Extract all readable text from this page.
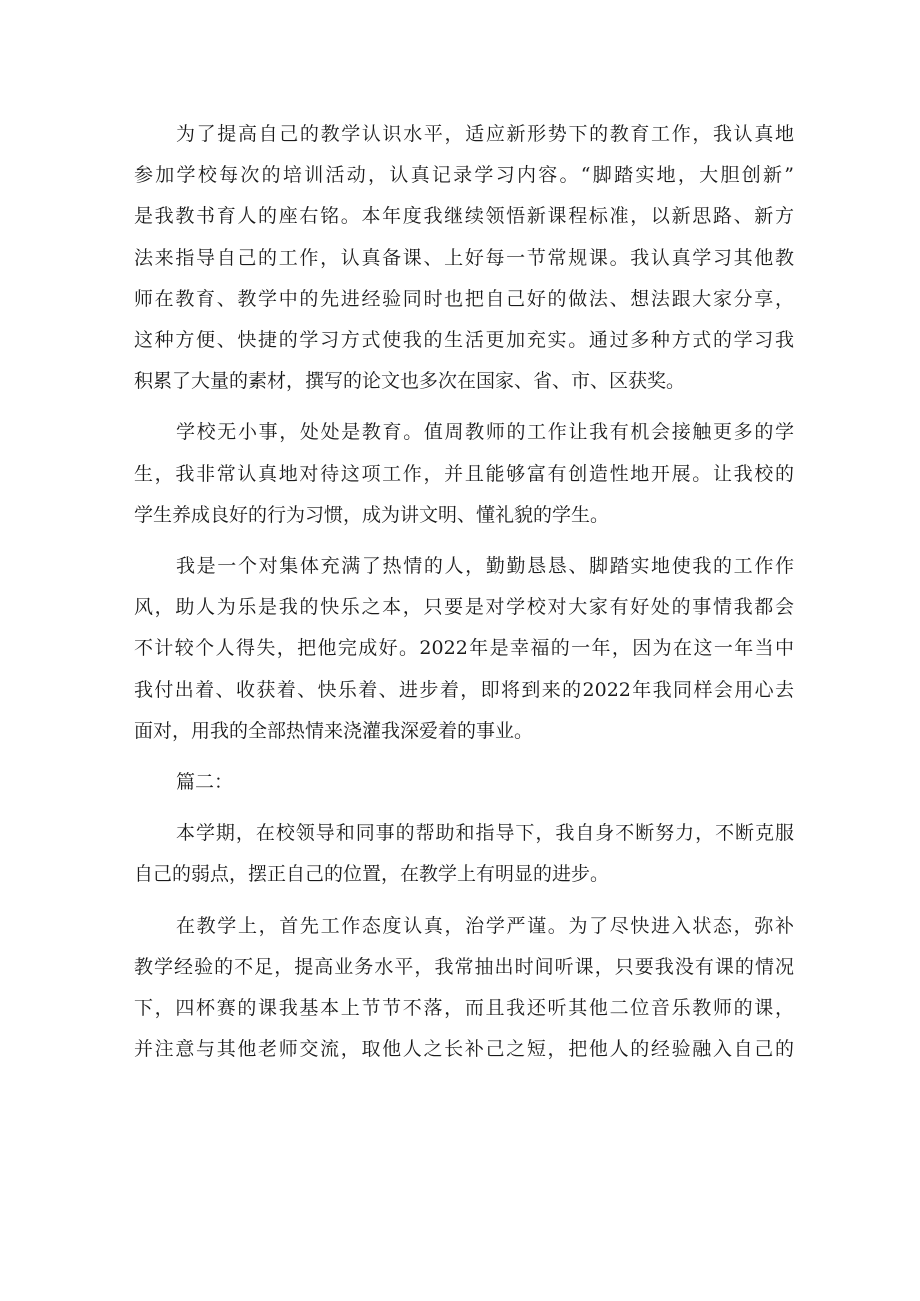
为了提高自己的教学认识水平，适应新形势下的教育工作，我认真地
参加学校每次的培训活动，认真记录学习内容。“脚踏实地，大胆创新”
是我教书育人的座右铭。本年度我继续领悟新课程标准，以新思路、新方
法来指导自己的工作，认真备课、上好每一节常规课。我认真学习其他教
师在教育、教学中的先进经验同时也把自己好的做法、想法跟大家分享，
这种方便、快捷的学习方式使我的生活更加充实。通过多种方式的学习我
积累了大量的素材，撰写的论文也多次在国家、省、市、区获奖。
学校无小事，处处是教育。值周教师的工作让我有机会接触更多的学
生，我非常认真地对待这项工作，并且能够富有创造性地开展。让我校的
学生养成良好的行为习惯，成为讲文明、懂礼貌的学生。
我是一个对集体充满了热情的人，勤勤恳恳、脚踏实地使我的工作作
风，助人为乐是我的快乐之本，只要是对学校对大家有好处的事情我都会
不计较个人得失，把他完成好。2022年是幸福的一年，因为在这一年当中
我付出着、收获着、快乐着、进步着，即将到来的2022年我同样会用心去
面对，用我的全部热情来浇灌我深爱着的事业。
篇二：
本学期，在校领导和同事的帮助和指导下，我自身不断努力，不断克服
自己的弱点，摆正自己的位置，在教学上有明显的进步。
在教学上，首先工作态度认真，治学严谨。为了尽快进入状态，弥补
教学经验的不足，提高业务水平，我常抽出时间听课，只要我没有课的情况
下，四杯赛的课我基本上节节不落，而且我还听其他二位音乐教师的课，
并注意与其他老师交流，取他人之长补己之短，把他人的经验融入自己的
